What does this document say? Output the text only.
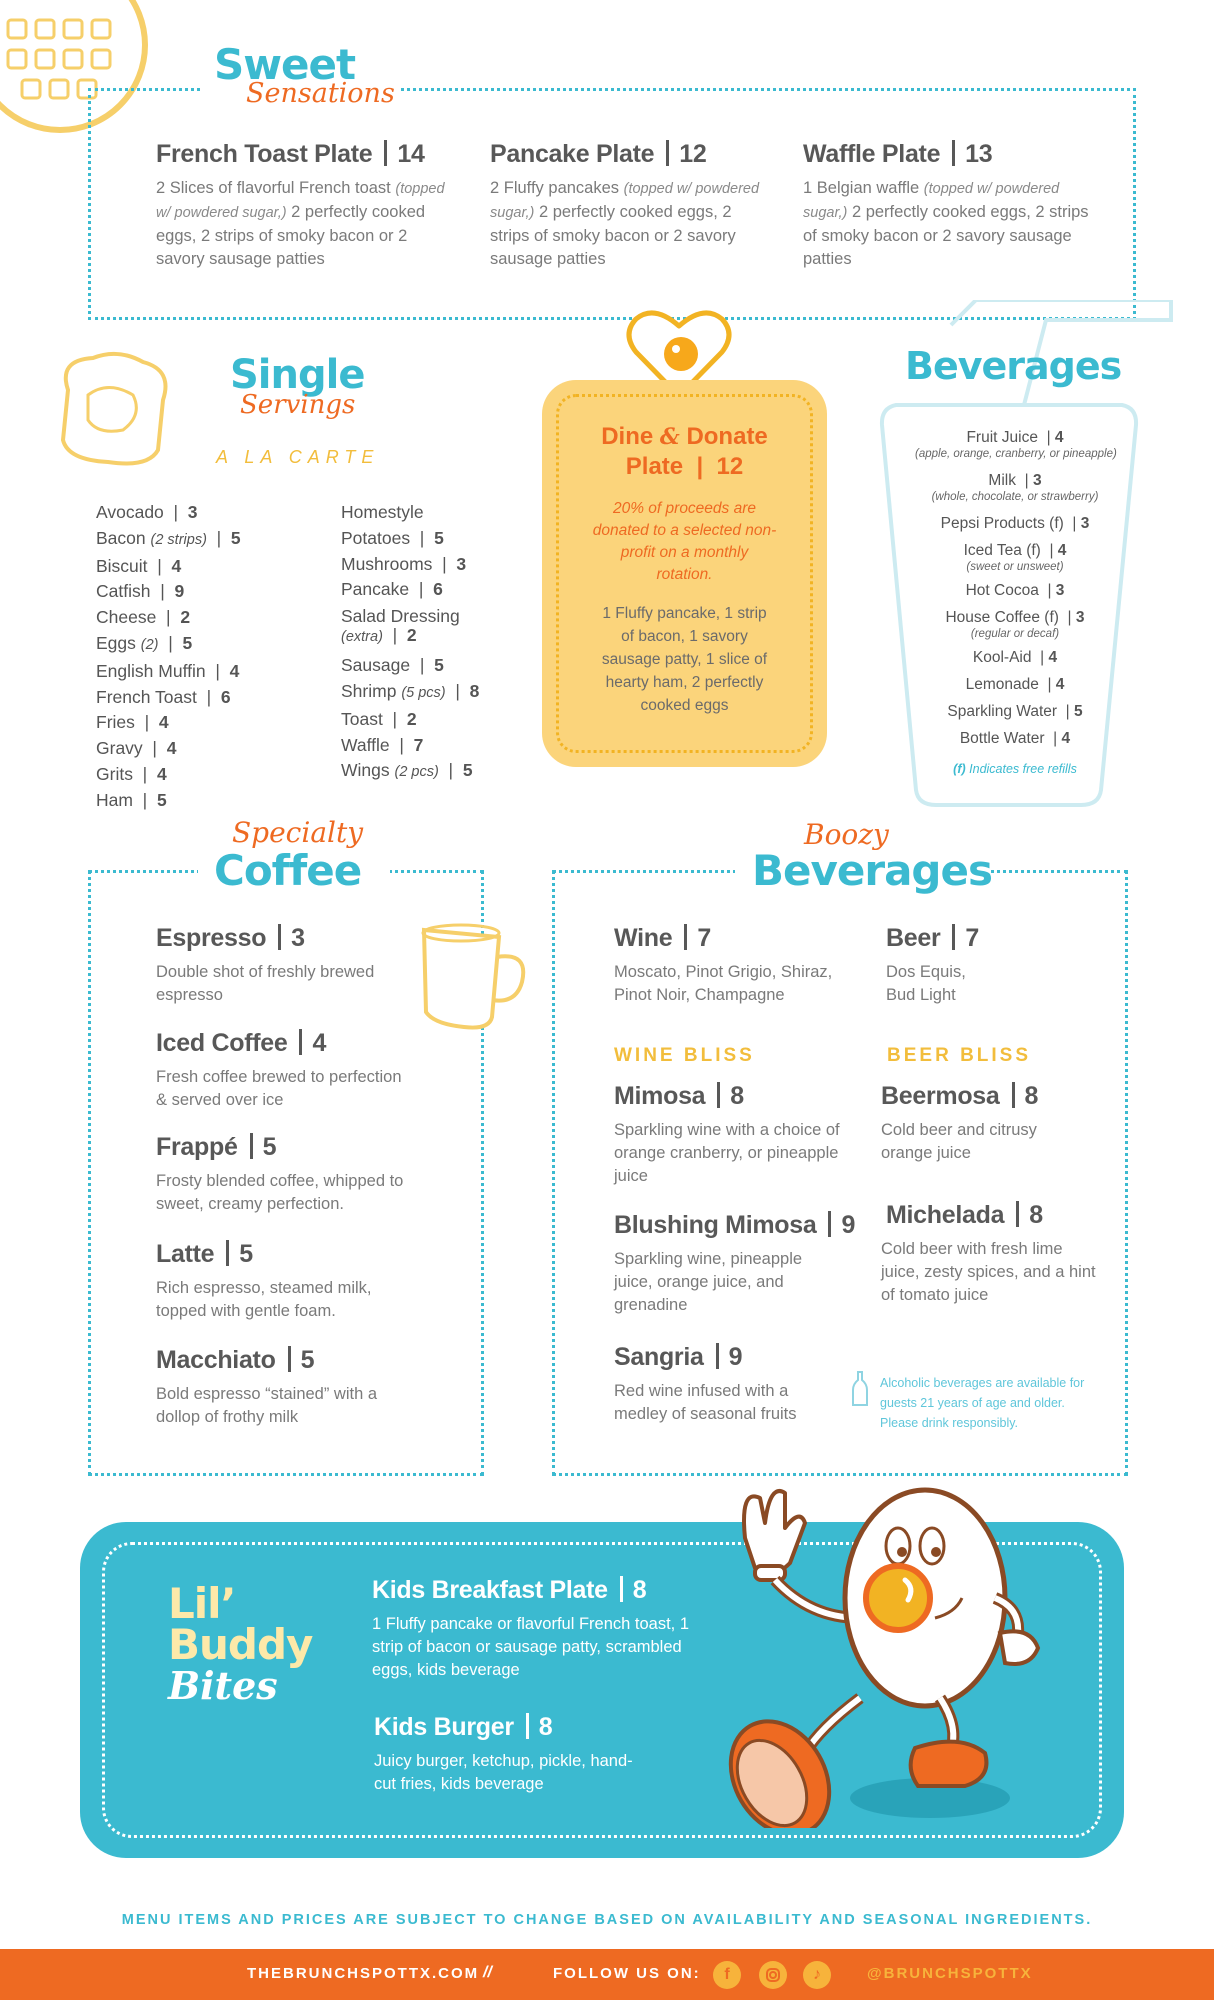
Sweet
Sensations
French Toast Plate 14
2 Slices of flavorful French toast (topped w/ powdered sugar,) 2 perfectly cooked eggs, 2 strips of smoky bacon or 2 savory sausage patties
Pancake Plate 12
2 Fluffy pancakes (topped w/ powdered sugar,) 2 perfectly cooked eggs, 2 strips of smoky bacon or 2 savory sausage patties
Waffle Plate 13
1 Belgian waffle (topped w/ powdered sugar,) 2 perfectly cooked eggs, 2 strips of smoky bacon or 2 savory sausage patties
Single
Servings
A LA CARTE
Avocado  |  3
Bacon (2 strips)  |  5
Biscuit  |  4
Catfish  |  9
Cheese  |  2
Eggs (2)  |  5
English Muffin  |  4
French Toast  |  6
Fries  |  4
Gravy  |  4
Grits  |  4
Ham  |  5
Homestyle
Potatoes  |  5
Mushrooms  |  3
Pancake  |  6
Salad Dressing
(extra)  |  2
Sausage  |  5
Shrimp (5 pcs)  |  8
Toast  |  2
Waffle  |  7
Wings (2 pcs)  |  5
Dine & Donate
Plate  |  12
20% of proceeds are donated to a selected non-profit on a monthly rotation.
1 Fluffy pancake, 1 strip of bacon, 1 savory sausage patty, 1 slice of hearty ham, 2 perfectly cooked eggs
Beverages
Fruit Juice  | 4
(apple, orange, cranberry, or pineapple)
Milk  | 3
(whole, chocolate, or strawberry)
Pepsi Products (f)  | 3
Iced Tea (f)  | 4
(sweet or unsweet)
Hot Cocoa  | 3
House Coffee (f)  | 3
(regular or decaf)
Kool-Aid  | 4
Lemonade  | 4
Sparkling Water  | 5
Bottle Water  | 4
(f) Indicates free refills
Specialty
Coffee
Espresso 3
Double shot of freshly brewed espresso
Iced Coffee 4
Fresh coffee brewed to perfection & served over ice
Frappé 5
Frosty blended coffee, whipped to sweet, creamy perfection.
Latte 5
Rich espresso, steamed milk, topped with gentle foam.
Macchiato 5
Bold espresso “stained” with a dollop of frothy milk
Boozy
Beverages
Wine 7
Moscato, Pinot Grigio, Shiraz, Pinot Noir, Champagne
Beer 7
Dos Equis, Bud Light
WINE BLISS	BEER BLISS
Mimosa 8
Sparkling wine with a choice of orange cranberry, or pineapple juice
Blushing Mimosa 9
Sparkling wine, pineapple juice, orange juice, and grenadine
Sangria 9
Red wine infused with a medley of seasonal fruits
Beermosa 8
Cold beer and citrusy orange juice
Michelada 8
Cold beer with fresh lime juice, zesty spices, and a hint of tomato juice
Alcoholic beverages are available for guests 21 years of age and older. Please drink responsibly.
Lil’
Buddy
Bites
Kids Breakfast Plate 8
1 Fluffy pancake or flavorful French toast, 1 strip of bacon or sausage patty, scrambled eggs, kids beverage
Kids Burger 8
Juicy burger, ketchup, pickle, hand-cut fries, kids beverage
MENU ITEMS AND PRICES ARE SUBJECT TO CHANGE BASED ON AVAILABILITY AND SEASONAL INGREDIENTS.
THEBRUNCHSPOTTX.COM //	FOLLOW US ON:	f	♪	@BRUNCHSPOTTX
